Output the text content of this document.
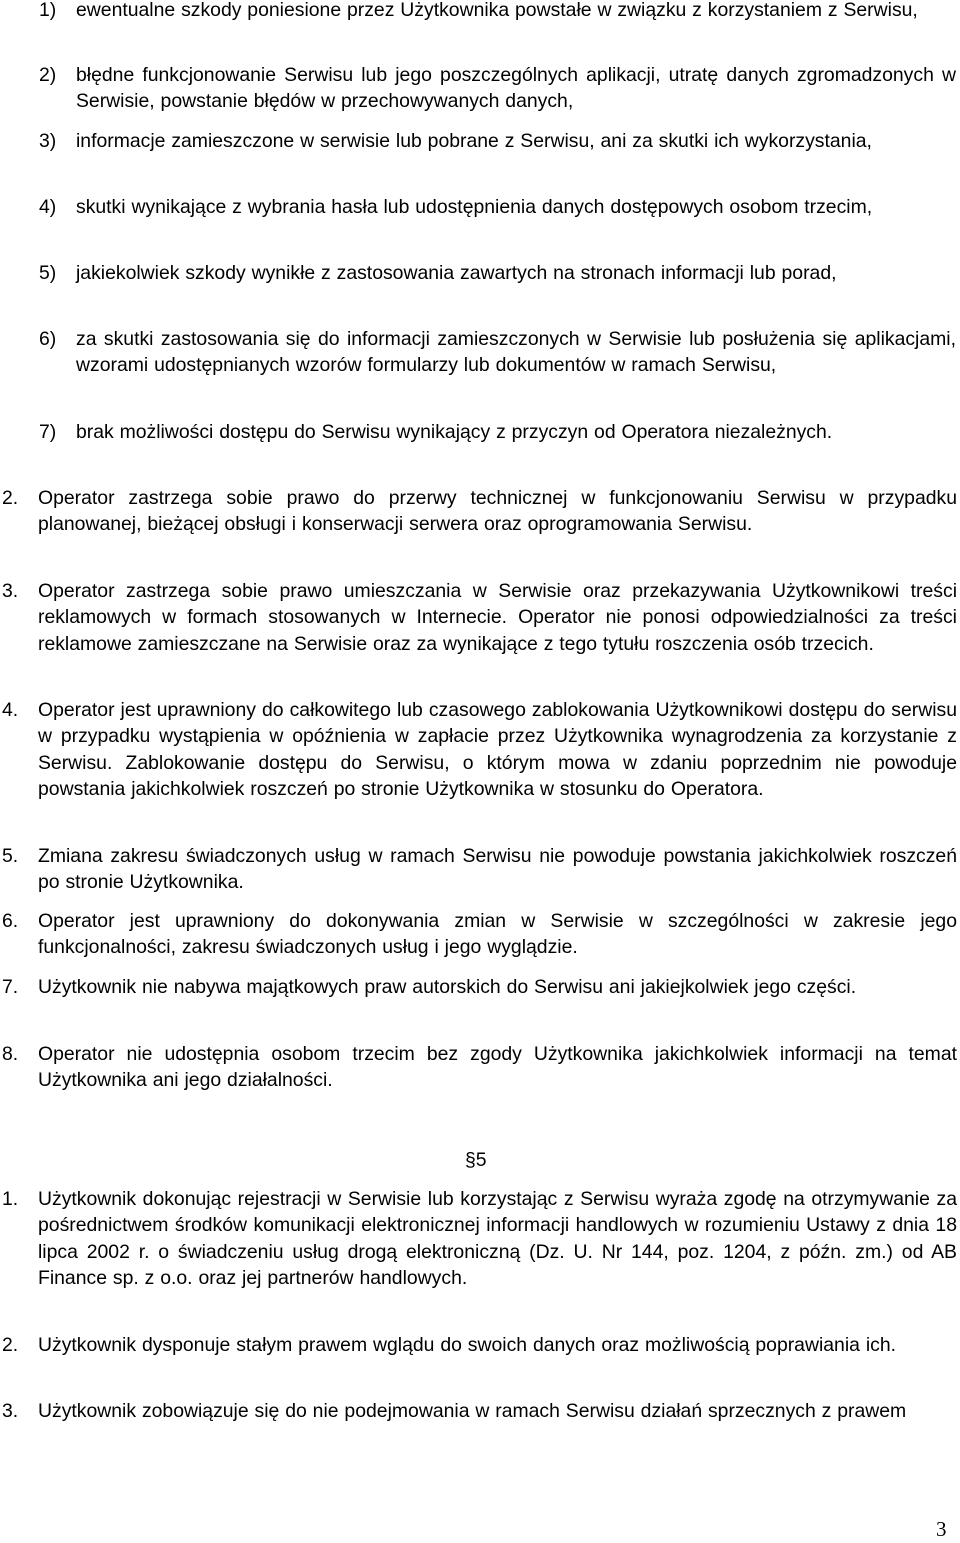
1) ewentualne szkody poniesione przez Użytkownika powstałe w związku z korzystaniem z Serwisu,
2) błędne funkcjonowanie Serwisu lub jego poszczególnych aplikacji, utratę danych zgromadzonych w Serwisie, powstanie błędów w przechowywanych danych,
3) informacje zamieszczone w serwisie lub pobrane z Serwisu, ani za skutki ich wykorzystania,
4) skutki wynikające z wybrania hasła lub udostępnienia danych dostępowych osobom trzecim,
5) jakiekolwiek szkody wynikłe z zastosowania zawartych na stronach informacji lub porad,
6) za skutki zastosowania się do informacji zamieszczonych w Serwisie lub posłużenia się aplikacjami, wzorami udostępnianych wzorów formularzy lub dokumentów w ramach Serwisu,
7) brak możliwości dostępu do Serwisu wynikający z przyczyn od Operatora niezależnych.
2. Operator zastrzega sobie prawo do przerwy technicznej w funkcjonowaniu Serwisu w przypadku planowanej, bieżącej obsługi i konserwacji serwera oraz oprogramowania Serwisu.
3. Operator zastrzega sobie prawo umieszczania w Serwisie oraz przekazywania Użytkownikowi treści reklamowych w formach stosowanych w Internecie. Operator nie ponosi odpowiedzialności za treści reklamowe zamieszczane na Serwisie oraz za wynikające z tego tytułu roszczenia osób trzecich.
4. Operator jest uprawniony do całkowitego lub czasowego zablokowania Użytkownikowi dostępu do serwisu w przypadku wystąpienia w opóźnienia w zapłacie przez Użytkownika wynagrodzenia za korzystanie z Serwisu. Zablokowanie dostępu do Serwisu, o którym mowa w zdaniu poprzednim nie powoduje powstania jakichkolwiek roszczeń po stronie Użytkownika w stosunku do Operatora.
5. Zmiana zakresu świadczonych usług w ramach Serwisu nie powoduje powstania jakichkolwiek roszczeń po stronie Użytkownika.
6. Operator jest uprawniony do dokonywania zmian w Serwisie w szczególności w zakresie jego funkcjonalności, zakresu świadczonych usług i jego wyglądzie.
7. Użytkownik nie nabywa majątkowych praw autorskich do Serwisu ani jakiejkolwiek jego części.
8. Operator nie udostępnia osobom trzecim bez zgody Użytkownika jakichkolwiek informacji na temat Użytkownika ani jego działalności.
§5
1. Użytkownik dokonując rejestracji w Serwisie lub korzystając z Serwisu wyraża zgodę na otrzymywanie za pośrednictwem środków komunikacji elektronicznej informacji handlowych w rozumieniu Ustawy z dnia 18 lipca 2002 r. o świadczeniu usług drogą elektroniczną (Dz. U. Nr 144, poz. 1204, z późn. zm.) od AB Finance sp. z o.o. oraz jej partnerów handlowych.
2. Użytkownik dysponuje stałym prawem wglądu do swoich danych oraz możliwością poprawiania ich.
3. Użytkownik zobowiązuje się do nie podejmowania w ramach Serwisu działań sprzecznych z prawem
3
